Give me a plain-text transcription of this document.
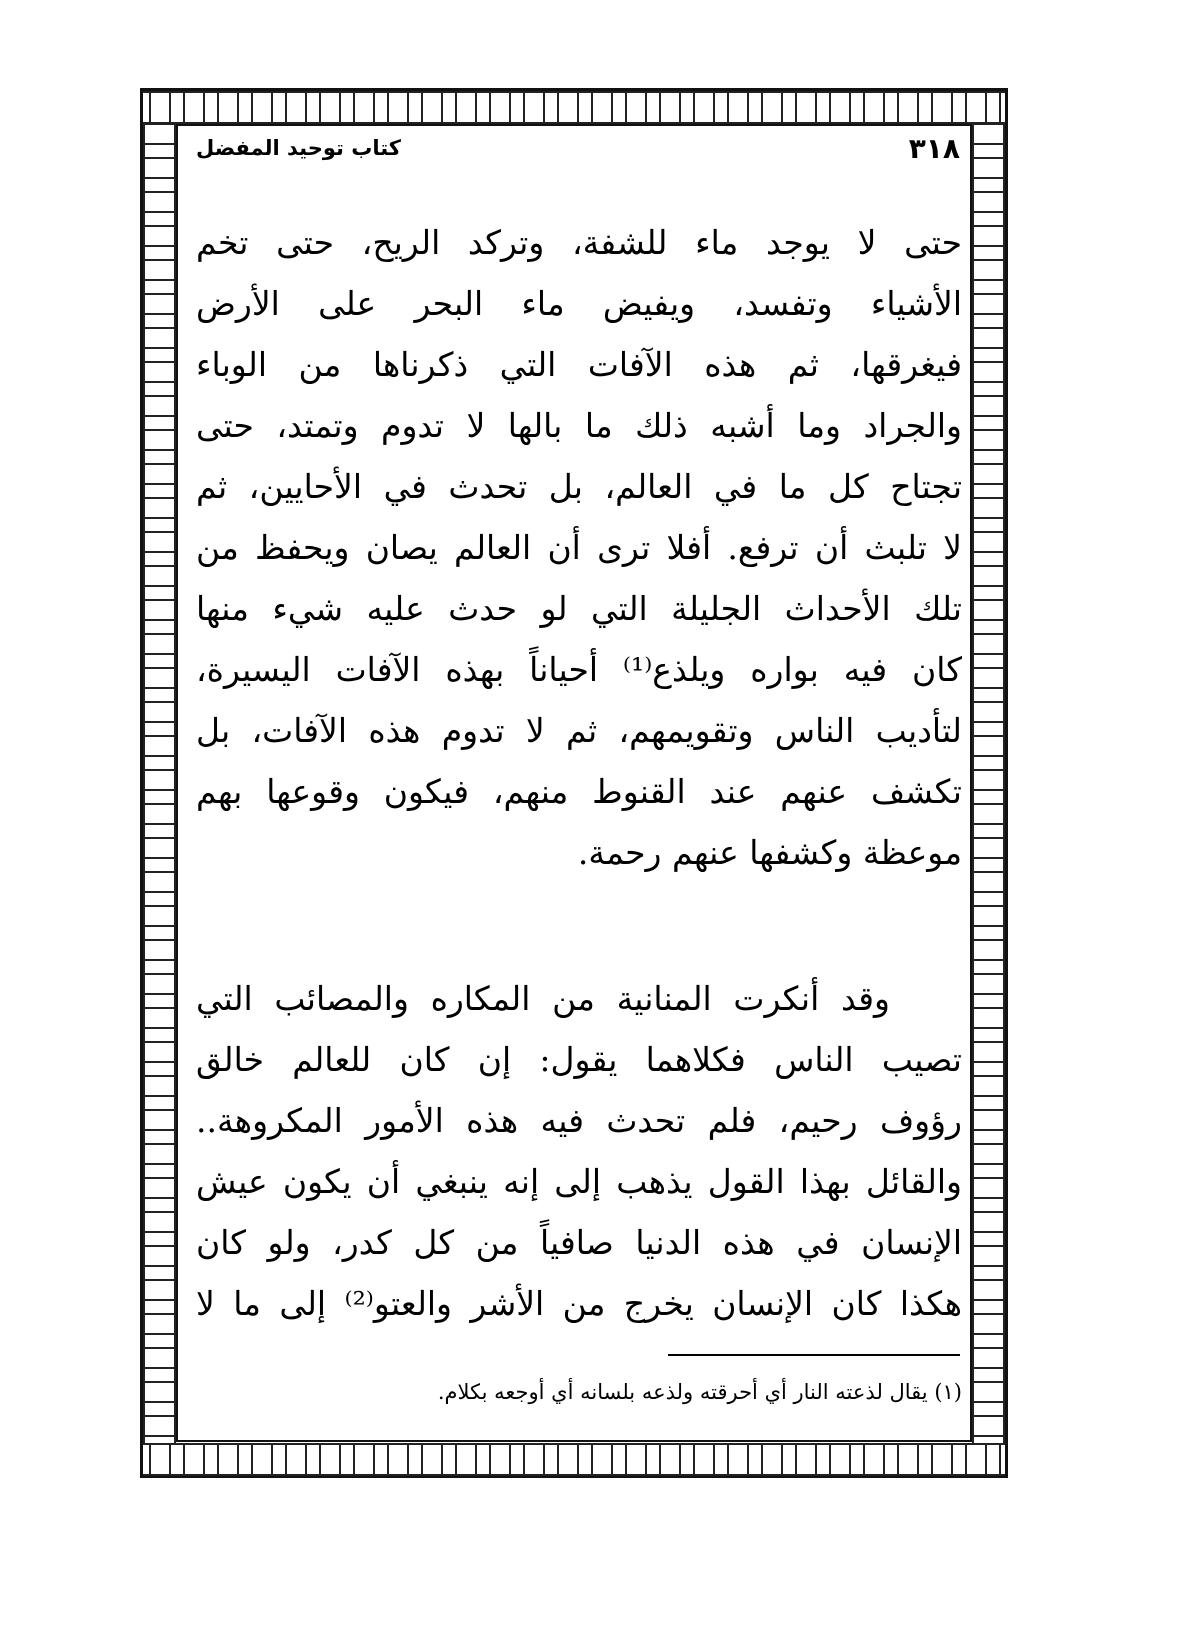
٣١٨
كتاب توحيد المفضل
حتى لا يوجد ماء للشفة، وتركد الريح، حتى تخم
الأشياء وتفسد، ويفيض ماء البحر على الأرض
فيغرقها، ثم هذه الآفات التي ذكرناها من الوباء
والجراد وما أشبه ذلك ما بالها لا تدوم وتمتد، حتى
تجتاح كل ما في العالم، بل تحدث في الأحايين، ثم
لا تلبث أن ترفع. أفلا ترى أن العالم يصان ويحفظ من
تلك الأحداث الجليلة التي لو حدث عليه شيء منها
كان فيه بواره ويلذع⁽¹⁾ أحياناً بهذه الآفات اليسيرة،
لتأديب الناس وتقويمهم، ثم لا تدوم هذه الآفات، بل
تكشف عنهم عند القنوط منهم، فيكون وقوعها بهم
موعظة وكشفها عنهم رحمة.
وقد أنكرت المنانية من المكاره والمصائب التي
تصيب الناس فكلاهما يقول: إن كان للعالم خالق
رؤوف رحيم، فلم تحدث فيه هذه الأمور المكروهة..
والقائل بهذا القول يذهب إلى إنه ينبغي أن يكون عيش
الإنسان في هذه الدنيا صافياً من كل كدر، ولو كان
هكذا كان الإنسان يخرج من الأشر والعتو⁽²⁾ إلى ما لا
(١) يقال لذعته النار أي أحرقته ولذعه بلسانه أي أوجعه بكلام.
